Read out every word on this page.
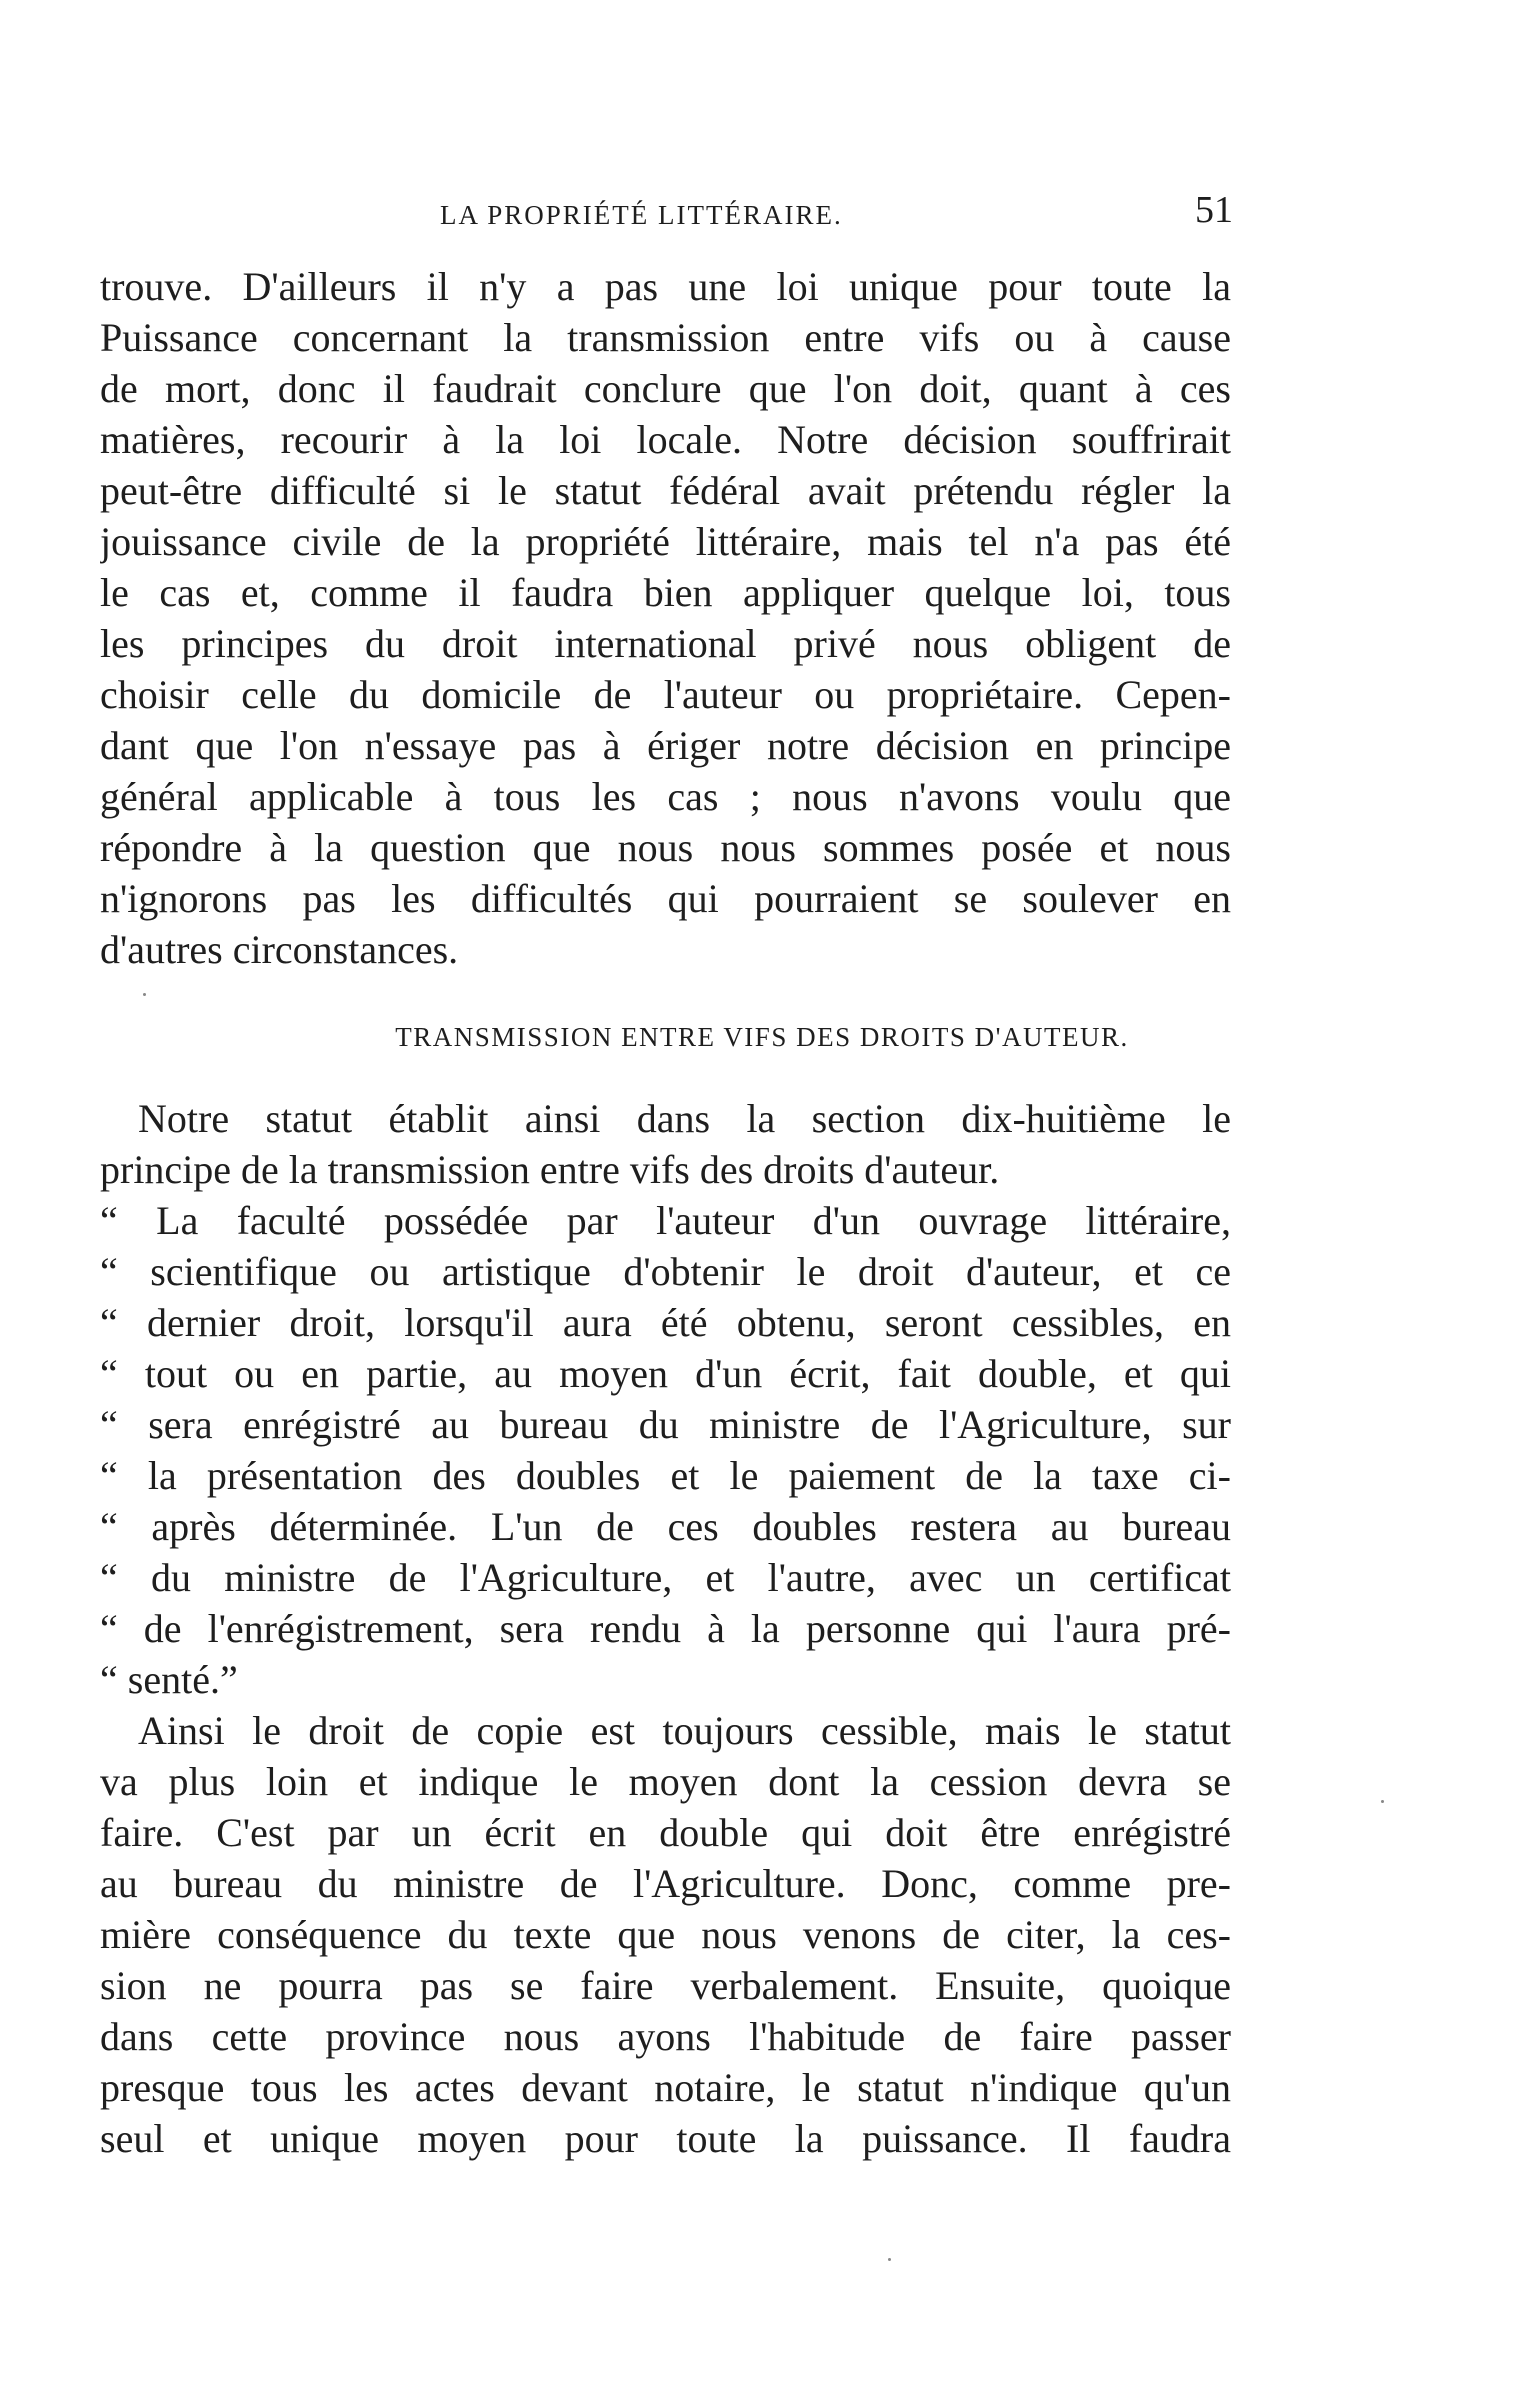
LA PROPRIÉTÉ LITTÉRAIRE.	51
trouve. D'ailleurs il n'y a pas une loi unique pour toute la
Puissance concernant la transmission entre vifs ou à cause
de mort, donc il faudrait conclure que l'on doit, quant à ces
matières, recourir à la loi locale. Notre décision souffrirait
peut-être difficulté si le statut fédéral avait prétendu régler la
jouissance civile de la propriété littéraire, mais tel n'a pas été
le cas et, comme il faudra bien appliquer quelque loi, tous
les principes du droit international privé nous obligent de
choisir celle du domicile de l'auteur ou propriétaire. Cepen-
dant que l'on n'essaye pas à ériger notre décision en principe
général applicable à tous les cas ; nous n'avons voulu que
répondre à la question que nous nous sommes posée et nous
n'ignorons pas les difficultés qui pourraient se soulever en
d'autres circonstances.
TRANSMISSION ENTRE VIFS DES DROITS D'AUTEUR.
Notre statut établit ainsi dans la section dix-huitième le
principe de la transmission entre vifs des droits d'auteur.
“ La faculté possédée par l'auteur d'un ouvrage littéraire,
“ scientifique ou artistique d'obtenir le droit d'auteur, et ce
“ dernier droit, lorsqu'il aura été obtenu, seront cessibles, en
“ tout ou en partie, au moyen d'un écrit, fait double, et qui
“ sera enrégistré au bureau du ministre de l'Agriculture, sur
“ la présentation des doubles et le paiement de la taxe ci-
“ après déterminée. L'un de ces doubles restera au bureau
“ du ministre de l'Agriculture, et l'autre, avec un certificat
“ de l'enrégistrement, sera rendu à la personne qui l'aura pré-
“ senté.”
Ainsi le droit de copie est toujours cessible, mais le statut
va plus loin et indique le moyen dont la cession devra se
faire. C'est par un écrit en double qui doit être enrégistré
au bureau du ministre de l'Agriculture. Donc, comme pre-
mière conséquence du texte que nous venons de citer, la ces-
sion ne pourra pas se faire verbalement. Ensuite, quoique
dans cette province nous ayons l'habitude de faire passer
presque tous les actes devant notaire, le statut n'indique qu'un
seul et unique moyen pour toute la puissance. Il faudra
